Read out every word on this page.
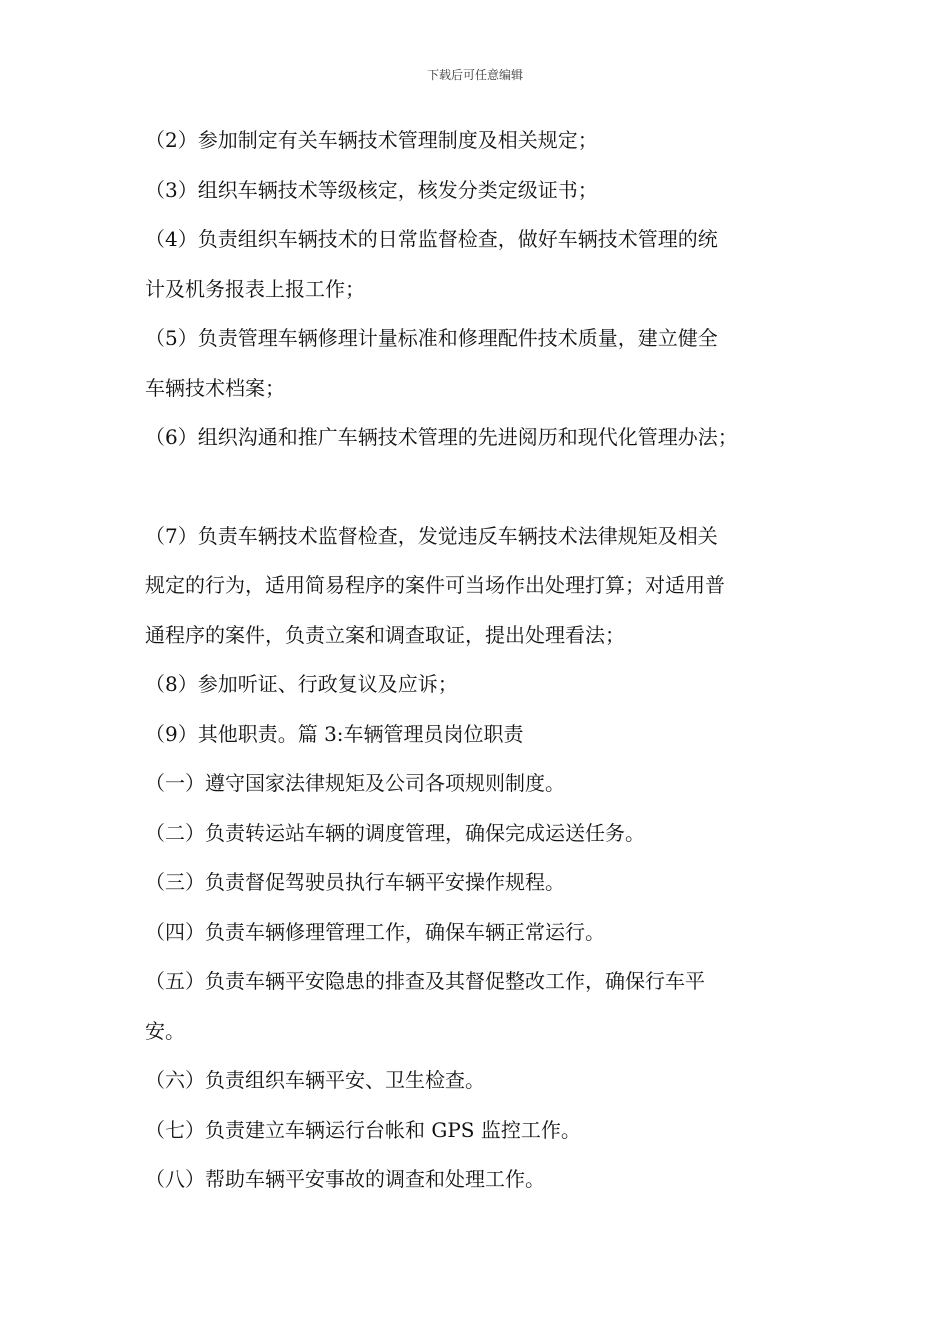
下载后可任意编辑
（2）参加制定有关车辆技术管理制度及相关规定；
（3）组织车辆技术等级核定，核发分类定级证书；
（4）负责组织车辆技术的日常监督检查，做好车辆技术管理的统
计及机务报表上报工作；
（5）负责管理车辆修理计量标准和修理配件技术质量，建立健全
车辆技术档案；
（6）组织沟通和推广车辆技术管理的先进阅历和现代化管理办法；
（7）负责车辆技术监督检查，发觉违反车辆技术法律规矩及相关
规定的行为，适用简易程序的案件可当场作出处理打算；对适用普
通程序的案件，负责立案和调查取证，提出处理看法；
（8）参加听证、行政复议及应诉；
（9）其他职责。篇 3:车辆管理员岗位职责
（一）遵守国家法律规矩及公司各项规则制度。
（二）负责转运站车辆的调度管理，确保完成运送任务。
（三）负责督促驾驶员执行车辆平安操作规程。
（四）负责车辆修理管理工作，确保车辆正常运行。
（五）负责车辆平安隐患的排查及其督促整改工作，确保行车平
安。
（六）负责组织车辆平安、卫生检查。
（七）负责建立车辆运行台帐和 GPS 监控工作。
（八）帮助车辆平安事故的调查和处理工作。
